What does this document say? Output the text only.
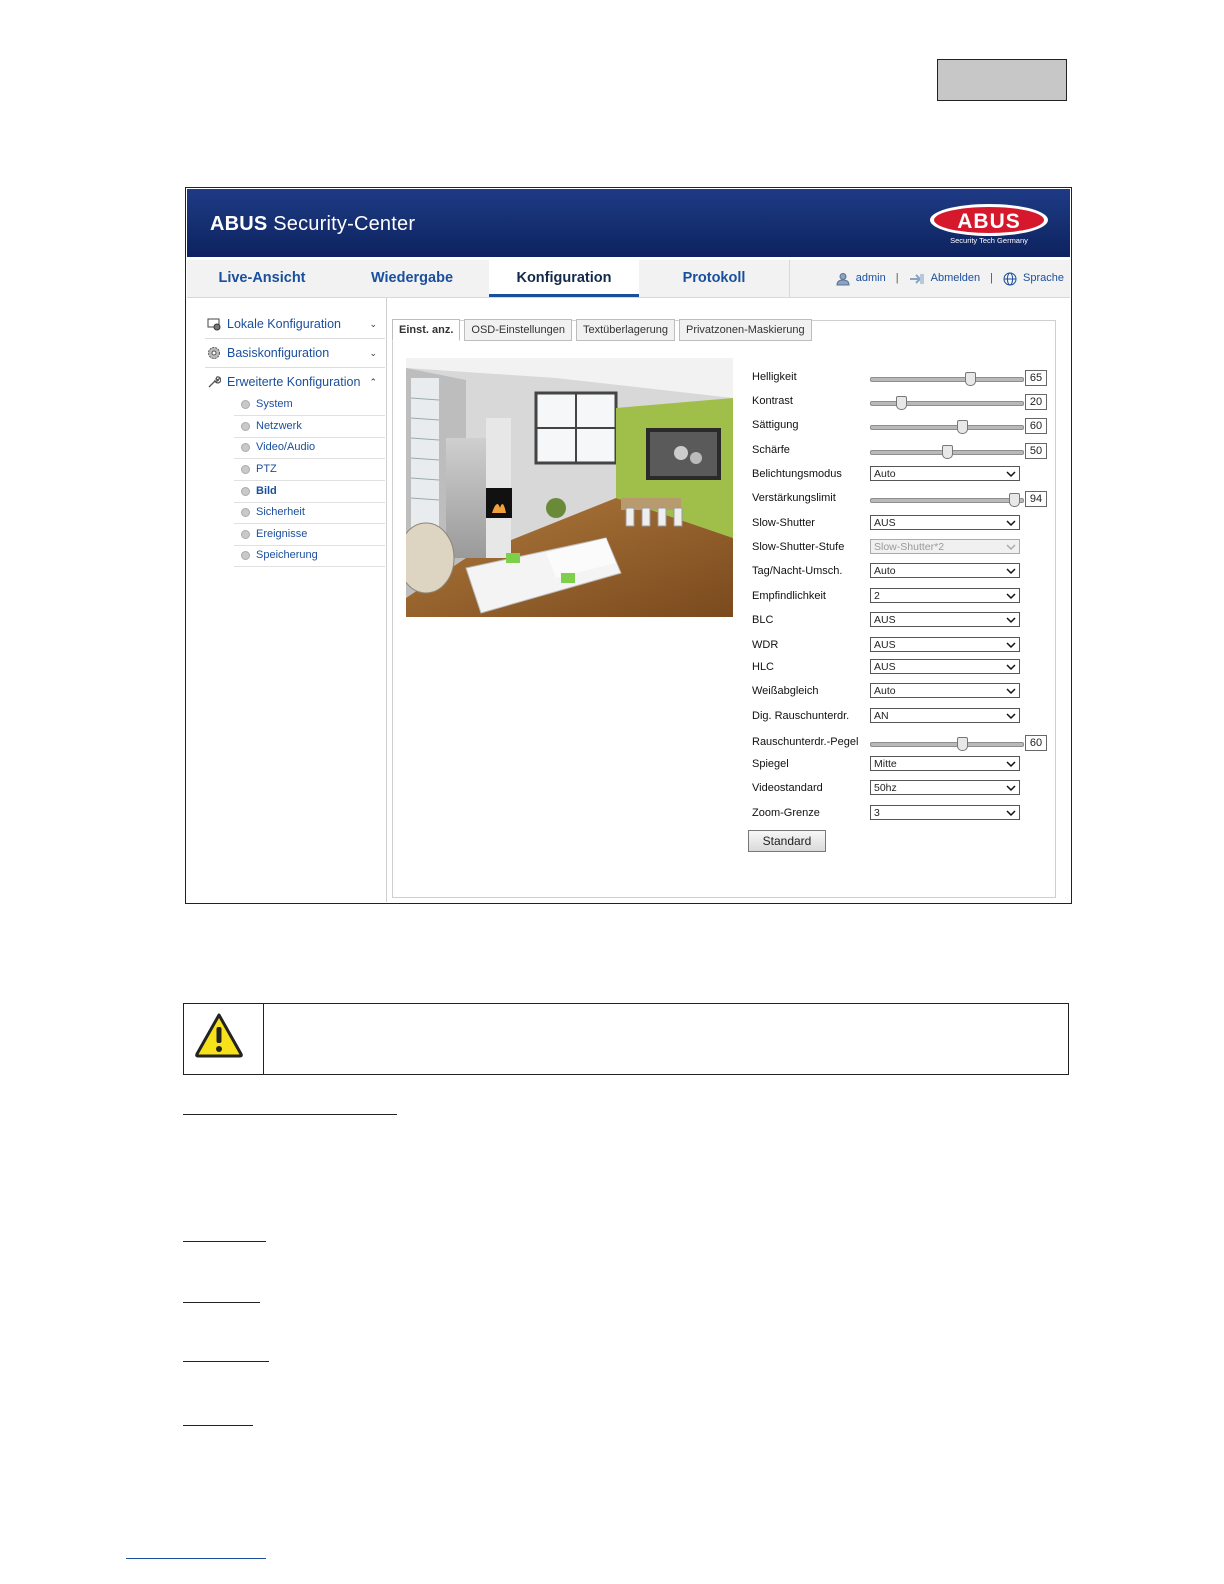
ABUS Security-Center	ABUS
Security Tech Germany
Live-Ansicht	Wiedergabe	Konfiguration	Protokoll	admin |	Abmelden |	Sprache
Lokale Konfiguration	⌄
Basiskonfiguration	⌄
Erweiterte Konfiguration ⌃
System
Netzwerk
Video/Audio
PTZ
Bild
Sicherheit
Ereignisse
Speicherung
Einst. anz.	OSD-Einstellungen	Textüberlagerung	Privatzonen-Maskierung
Helligkeit	65
Kontrast	20
Sättigung	60
Schärfe	50
Belichtungsmodus	Auto
Verstärkungslimit	94
Slow-Shutter	AUS
Slow-Shutter-Stufe	Slow-Shutter*2
Tag/Nacht-Umsch.	Auto
Empfindlichkeit	2
BLC	AUS
WDR	AUS
HLC	AUS
Weißabgleich	Auto
Dig. Rauschunterdr.	AN
Rauschunterdr.-Pegel	60
Spiegel	Mitte
Videostandard	50hz
Zoom-Grenze	3
Standard
